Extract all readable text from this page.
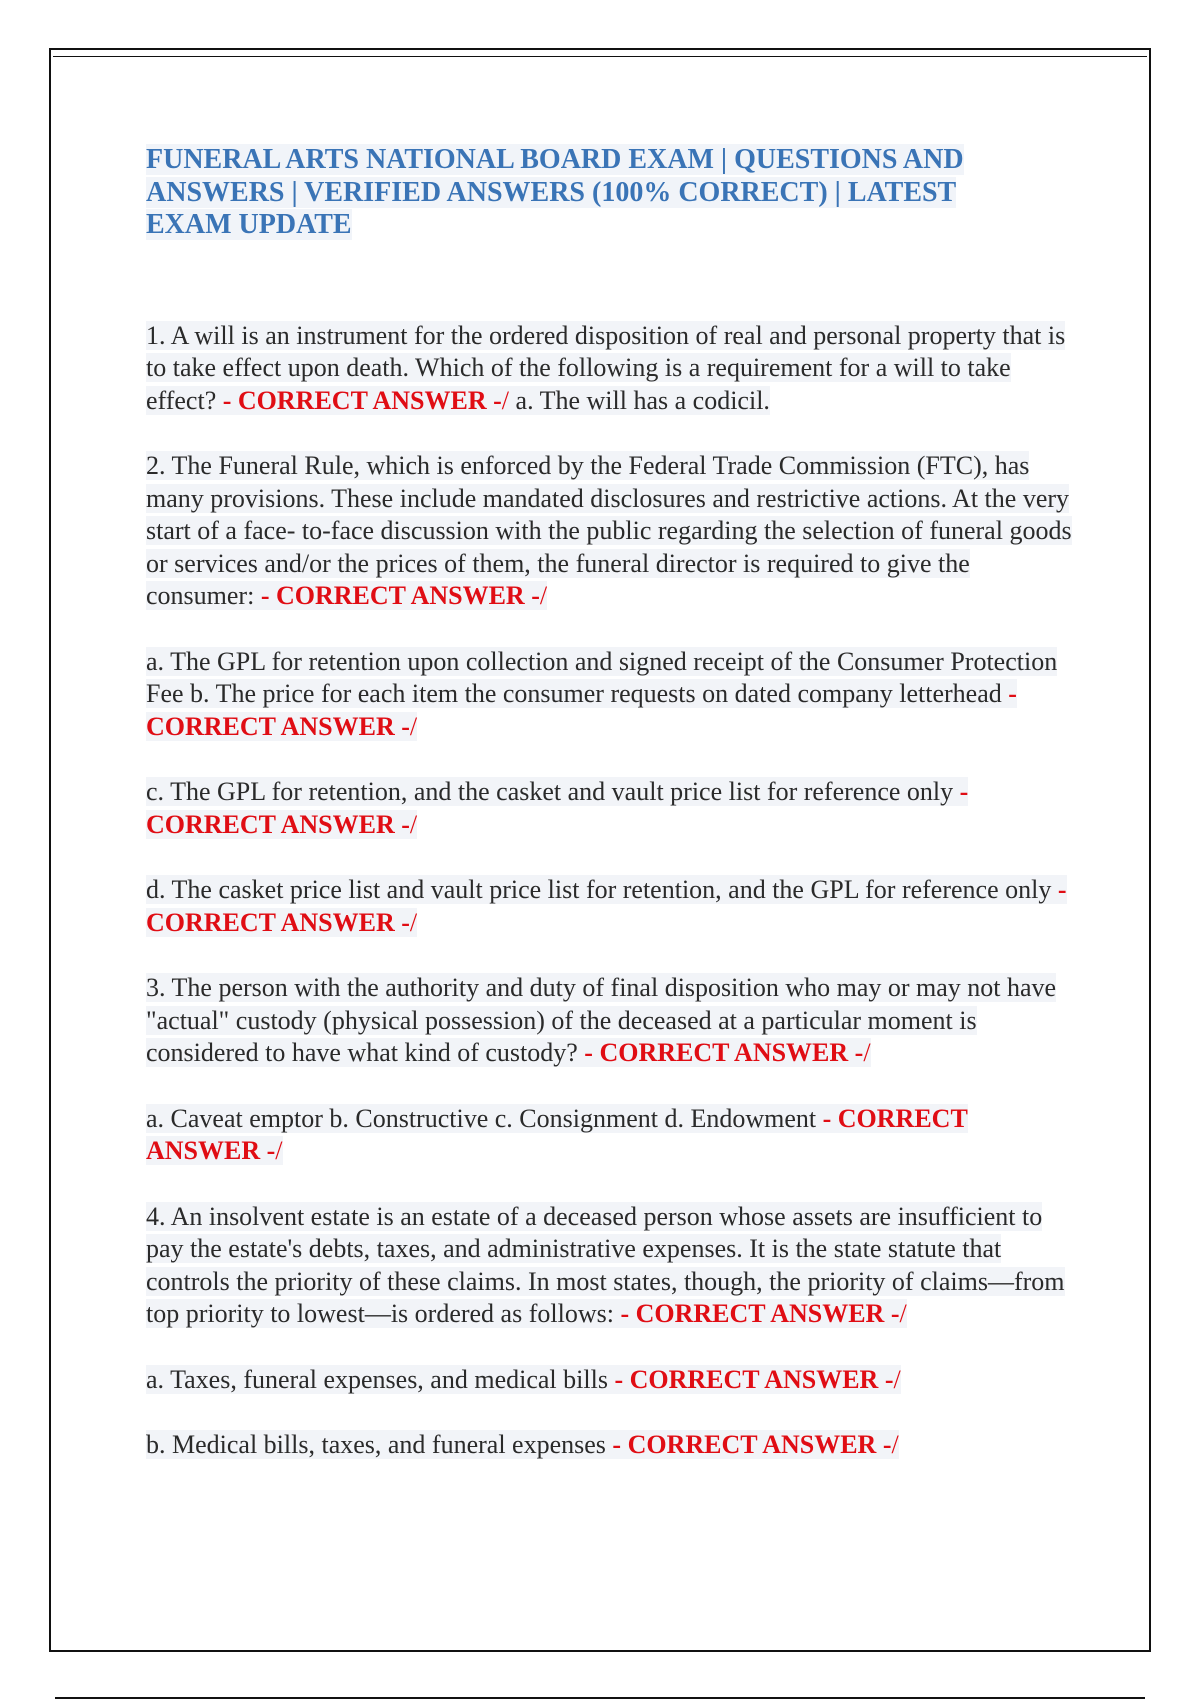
FUNERAL ARTS NATIONAL BOARD EXAM | QUESTIONS AND ANSWERS | VERIFIED ANSWERS (100% CORRECT) | LATEST EXAM UPDATE
1. A will is an instrument for the ordered disposition of real and personal property that is to take effect upon death. Which of the following is a requirement for a will to take effect? - CORRECT ANSWER -/ a. The will has a codicil.
2. The Funeral Rule, which is enforced by the Federal Trade Commission (FTC), has many provisions. These include mandated disclosures and restrictive actions. At the very start of a face- to-face discussion with the public regarding the selection of funeral goods or services and/or the prices of them, the funeral director is required to give the consumer: - CORRECT ANSWER -/
a. The GPL for retention upon collection and signed receipt of the Consumer Protection Fee b. The price for each item the consumer requests on dated company letterhead - CORRECT ANSWER -/
c. The GPL for retention, and the casket and vault price list for reference only - CORRECT ANSWER -/
d. The casket price list and vault price list for retention, and the GPL for reference only - CORRECT ANSWER -/
3. The person with the authority and duty of final disposition who may or may not have "actual" custody (physical possession) of the deceased at a particular moment is considered to have what kind of custody? - CORRECT ANSWER -/
a. Caveat emptor b. Constructive c. Consignment d. Endowment - CORRECT ANSWER -/
4. An insolvent estate is an estate of a deceased person whose assets are insufficient to pay the estate's debts, taxes, and administrative expenses. It is the state statute that controls the priority of these claims. In most states, though, the priority of claims—from top priority to lowest—is ordered as follows: - CORRECT ANSWER -/
a. Taxes, funeral expenses, and medical bills - CORRECT ANSWER -/
b. Medical bills, taxes, and funeral expenses - CORRECT ANSWER -/
